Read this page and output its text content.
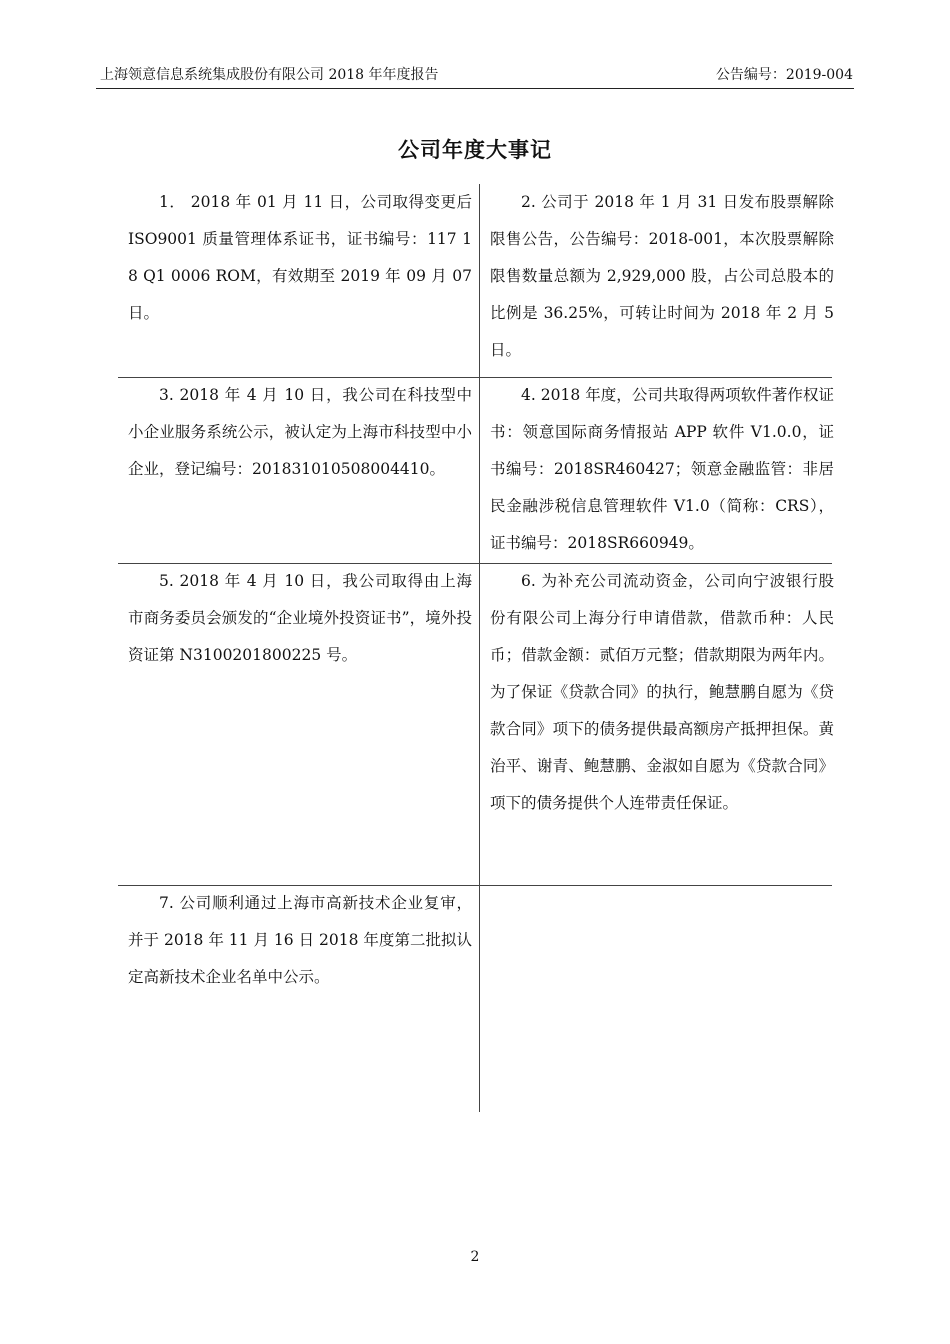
上海领意信息系统集成股份有限公司 2018 年年度报告	公告编号：2019-004
公司年度大事记
1． 2018 年 01 月 11 日，公司取得变更后 ISO9001 质量管理体系证书，证书编号：117 18 Q1 0006 ROM，有效期至 2019 年 09 月 07 日。
2. 公司于 2018 年 1 月 31 日发布股票解除限售公告，公告编号：2018-001，本次股票解除限售数量总额为 2,929,000 股，占公司总股本的比例是 36.25%，可转让时间为 2018 年 2 月 5 日。
3. 2018 年 4 月 10 日，我公司在科技型中小企业服务系统公示，被认定为上海市科技型中小企业，登记编号：201831010508004410。
4. 2018 年度，公司共取得两项软件著作权证书：领意国际商务情报站 APP 软件 V1.0.0，证书编号：2018SR460427；领意金融监管：非居民金融涉税信息管理软件 V1.0（简称：CRS），证书编号：2018SR660949。
5. 2018 年 4 月 10 日，我公司取得由上海市商务委员会颁发的“企业境外投资证书”，境外投资证第 N3100201800225 号。
6. 为补充公司流动资金，公司向宁波银行股份有限公司上海分行申请借款，借款币种：人民币；借款金额：贰佰万元整；借款期限为两年内。为了保证《贷款合同》的执行，鲍慧鹏自愿为《贷款合同》项下的债务提供最高额房产抵押担保。黄治平、谢青、鲍慧鹏、金淑如自愿为《贷款合同》项下的债务提供个人连带责任保证。
7. 公司顺利通过上海市高新技术企业复审，并于 2018 年 11 月 16 日 2018 年度第二批拟认定高新技术企业名单中公示。
2
